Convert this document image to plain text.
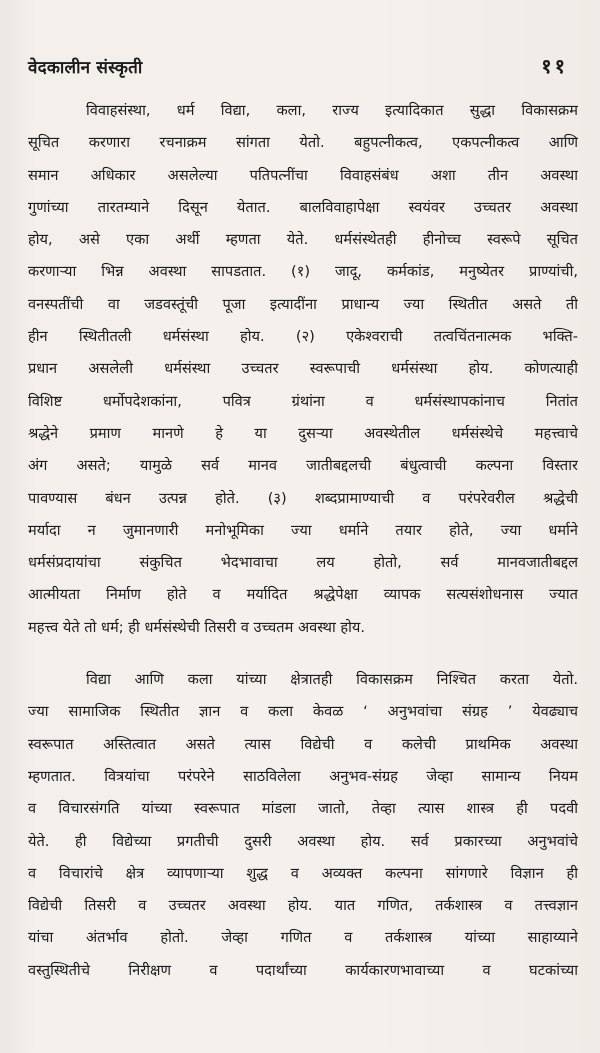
वेदकालीन संस्कृती	११

विवाहसंस्था, धर्म विद्या, कला, राज्य इत्यादिकात सुद्धा विकासक्रम
सूचित करणारा रचनाक्रम सांगता येतो. बहुपत्नीकत्व, एकपत्नीकत्व आणि
समान अधिकार असलेल्या पतिपत्नींचा विवाहसंबंध अशा तीन अवस्था
गुणांच्या तारतम्याने दिसून येतात. बालविवाहापेक्षा स्वयंवर उच्चतर अवस्था
होय, असे एका अर्थी म्हणता येते. धर्मसंस्थेतही हीनोच्च स्वरूपे सूचित
करणाऱ्या भिन्न अवस्था सापडतात. (१) जादू, कर्मकांड, मनुष्येतर प्राण्यांची,
वनस्पतींची वा जडवस्तूंची पूजा इत्यादींना प्राधान्य ज्या स्थितीत असते ती
हीन स्थितीतली धर्मसंस्था होय. (२) एकेश्वराची तत्वचिंतनात्मक भक्ति-
प्रधान असलेली धर्मसंस्था उच्चतर स्वरूपाची धर्मसंस्था होय. कोणत्याही
विशिष्ट धर्मोपदेशकांना, पवित्र ग्रंथांना व धर्मसंस्थापकांनाच नितांत
श्रद्धेने प्रमाण मानणे हे या दुसऱ्या अवस्थेतील धर्मसंस्थेचे महत्त्वाचे
अंग असते; यामुळे सर्व मानव जातीबद्दलची बंधुत्वाची कल्पना विस्तार
पावण्यास बंधन उत्पन्न होते. (३) शब्दप्रामाण्याची व परंपरेवरील श्रद्धेची
मर्यादा न जुमानणारी मनोभूमिका ज्या धर्माने तयार होते, ज्या धर्माने
धर्मसंप्रदायांचा संकुचित भेदभावाचा लय होतो, सर्व मानवजातीबद्दल
आत्मीयता निर्माण होते व मर्यादित श्रद्धेपेक्षा व्यापक सत्यसंशोधनास ज्यात
महत्त्व येते तो धर्म; ही धर्मसंस्थेची तिसरी व उच्चतम अवस्था होय.

विद्या आणि कला यांच्या क्षेत्रातही विकासक्रम निश्चित करता येतो.
ज्या सामाजिक स्थितीत ज्ञान व कला केवळ ‘ अनुभवांचा संग्रह ’ येवढ्याच
स्वरूपात अस्तित्वात असते त्यास विद्येची व कलेची प्राथमिक अवस्था
म्हणतात. वित्रयांचा परंपरेने साठविलेला अनुभव-संग्रह जेव्हा सामान्य नियम
व विचारसंगति यांच्या स्वरूपात मांडला जातो, तेव्हा त्यास शास्त्र ही पदवी
येते. ही विद्येच्या प्रगतीची दुसरी अवस्था होय. सर्व प्रकारच्या अनुभवांचे
व विचारांचे क्षेत्र व्यापणाऱ्या शुद्ध व अव्यक्त कल्पना सांगणारे विज्ञान ही
विद्येची तिसरी व उच्चतर अवस्था होय. यात गणित, तर्कशास्त्र व तत्त्वज्ञान
यांचा अंतर्भाव होतो. जेव्हा गणित व तर्कशास्त्र यांच्या साहाय्याने
वस्तुस्थितीचे निरीक्षण व पदार्थांच्या कार्यकारणभावाच्या व घटकांच्या
